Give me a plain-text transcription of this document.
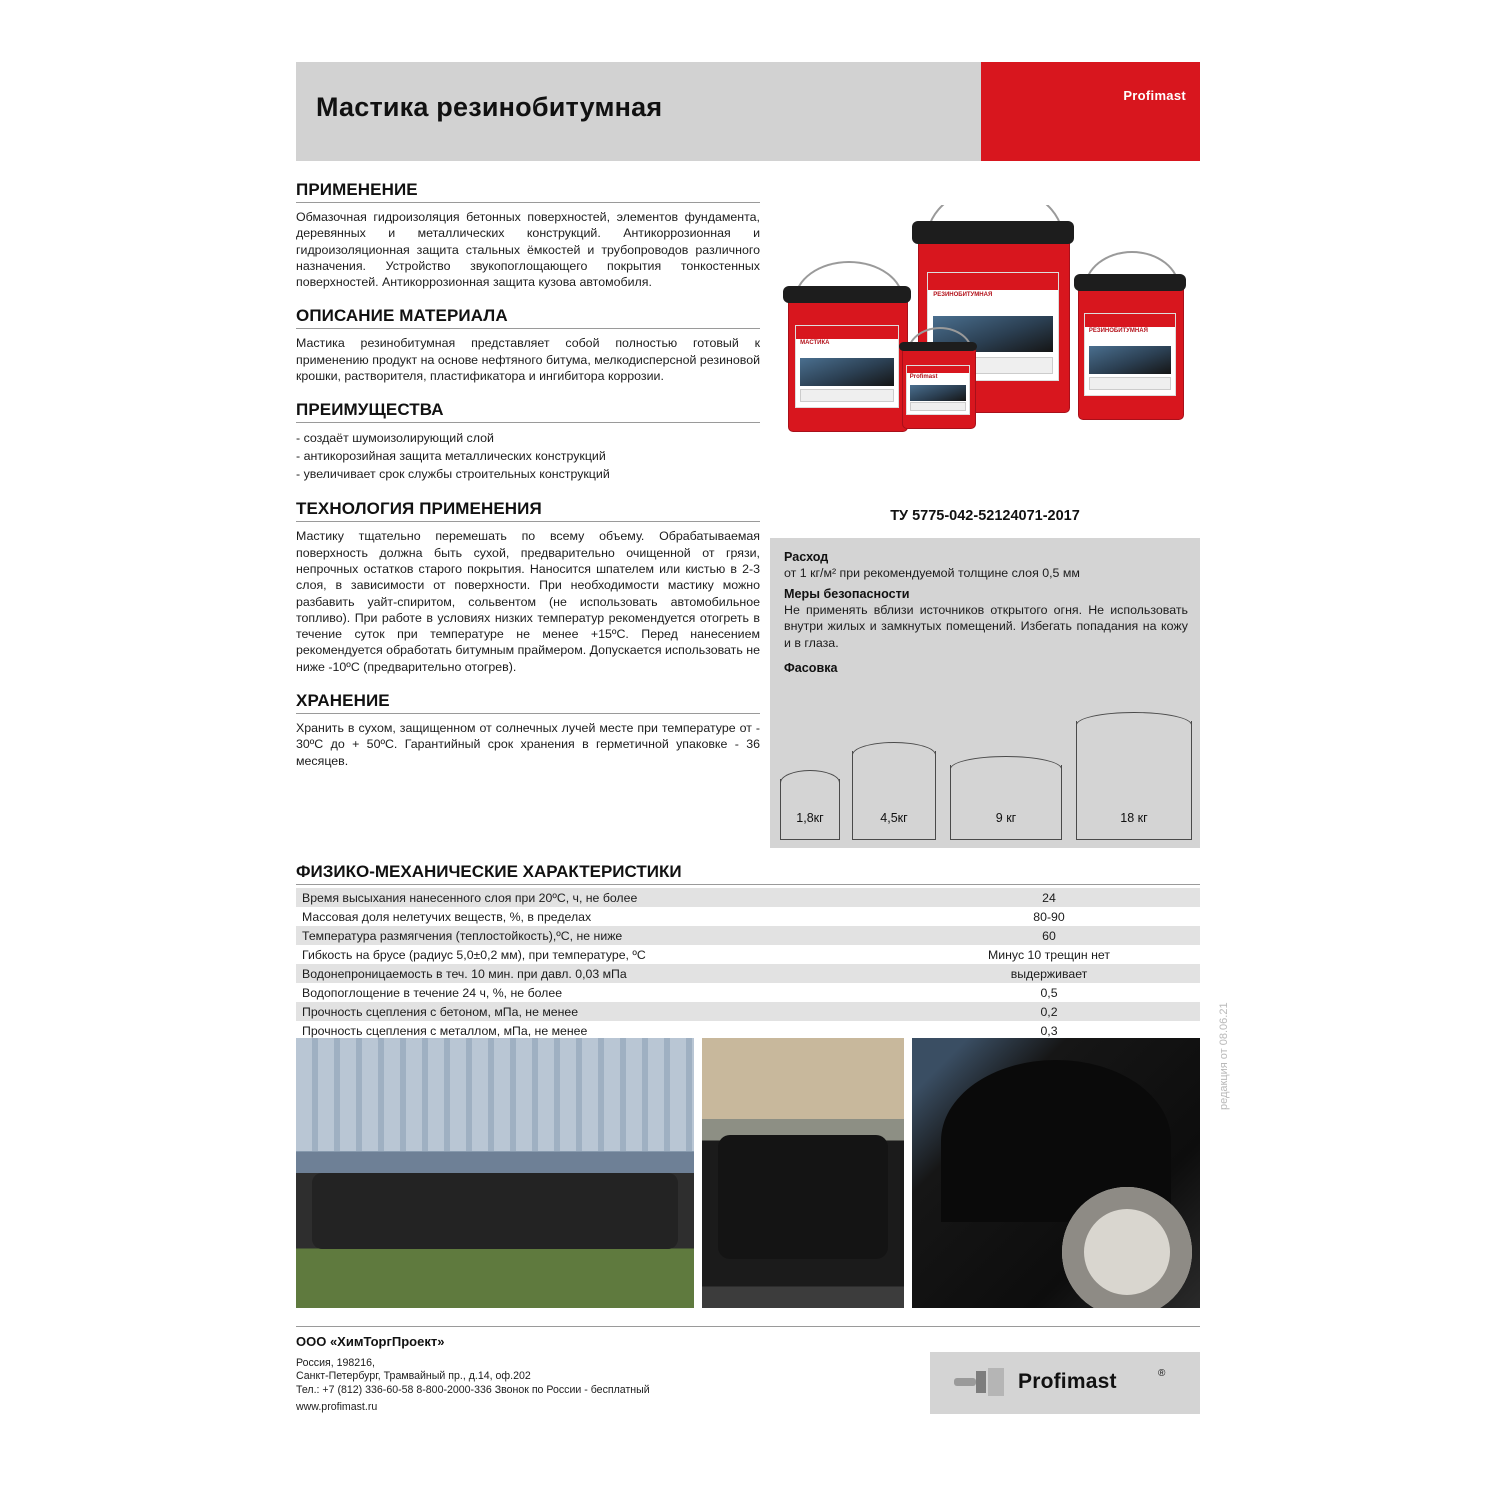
Мастика резинобитумная	Profimast
ПРИМЕНЕНИЕ
Обмазочная гидроизоляция бетонных поверхностей, элементов фундамента, деревянных и металлических конструкций. Антикоррозионная и гидроизоляционная защита стальных ёмкостей и трубопроводов различного назначения. Устройство звукопоглощающего покрытия тонкостенных поверхностей. Антикоррозионная защита кузова автомобиля.
ОПИСАНИЕ МАТЕРИАЛА
Мастика резинобитумная представляет собой полностью готовый к применению продукт на основе нефтяного битума, мелкодисперсной резиновой крошки, растворителя, пластификатора и ингибитора коррозии.
ПРЕИМУЩЕСТВА
- создаёт шумоизолирующий слой
- антикорозийная защита металлических конструкций
- увеличивает срок службы строительных конструкций
ТЕХНОЛОГИЯ ПРИМЕНЕНИЯ
Мастику тщательно перемешать по всему объему. Обрабатываемая поверхность должна быть сухой, предварительно очищенной от грязи, непрочных остатков старого покрытия. Наносится шпателем или кистью в 2-3 слоя, в зависимости от поверхности. При необходимости мастику можно разбавить уайт-спиритом, сольвентом (не использовать автомобильное топливо). При работе в условиях низких температур рекомендуется отогреть в течение суток при температуре не менее +15ºС. Перед нанесением рекомендуется обработать битумным праймером. Допускается использовать не ниже -10ºС (предварительно отогрев).
ХРАНЕНИЕ
Хранить в сухом, защищенном от солнечных лучей месте при температуре от - 30ºС до + 50ºС. Гарантийный срок хранения в герметичной упаковке - 36 месяцев.
МАСТИКА
РЕЗИНОБИТУМНАЯ
РЕЗИНОБИТУМНАЯ
Profimast
ТУ 5775-042-52124071-2017
Расход
от 1 кг/м² при рекомендуемой толщине слоя 0,5 мм
Меры безопасности
Не применять вблизи источников открытого огня. Не использовать внутри жилых и замкнутых помещений. Избегать попадания на кожу и в глаза.
Фасовка
1,8кг	4,5кг	9 кг	18 кг
ФИЗИКО-МЕХАНИЧЕСКИЕ ХАРАКТЕРИСТИКИ
Время высыхания нанесенного слоя при 20ºС, ч, не более	24
Массовая доля нелетучих веществ, %, в пределах	80-90
Температура размягчения (теплостойкость),ºС, не ниже	60
Гибкость на брусе (радиус 5,0±0,2 мм), при температуре, ºС	Минус 10 трещин нет
Водонепроницаемость в теч. 10 мин. при давл. 0,03 мПа	выдерживает
Водопоглощение в течение 24 ч, %, не более	0,5
Прочность сцепления с бетоном, мПа, не менее	0,2
Прочность сцепления с металлом, мПа, не менее	0,3
ООО «ХимТоргПроект»
Россия, 198216,
Санкт-Петербург, Трамвайный пр., д.14, оф.202
Тел.: +7 (812) 336-60-58 8-800-2000-336 Звонок по России - бесплатный
www.profimast.ru
Profimast	®
редакция от 08.06.21
